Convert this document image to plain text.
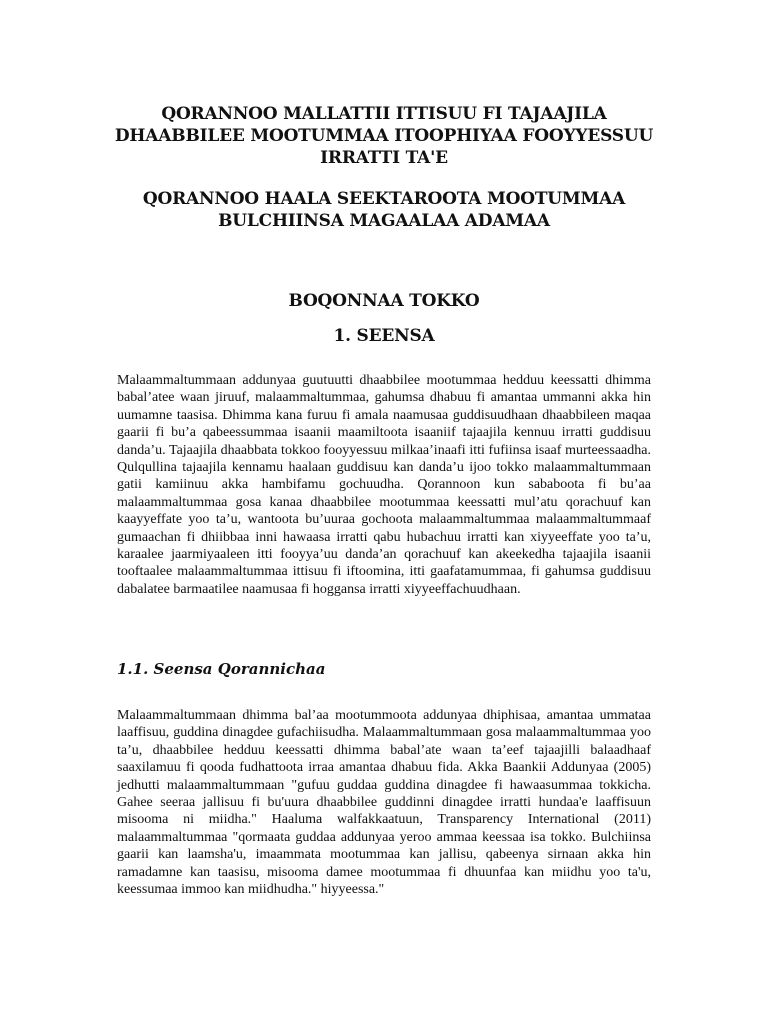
QORANNOO MALLATTII ITTISUU FI TAJAAJILA DHAABBILEE MOOTUMMAA ITOOPHIYAA FOOYYESSUU IRRATTI TA'E
QORANNOO HAALA SEEKTAROOTA MOOTUMMAA BULCHIINSA MAGAALAA ADAMAA
BOQONNAA TOKKO
1. SEENSA

Malaammaltummaan addunyaa guutuutti dhaabbilee mootummaa hedduu keessatti dhimma babal’atee waan jiruuf, malaammaltummaa, gahumsa dhabuu fi amantaa ummanni akka hin uumamne taasisa. Dhimma kana furuu fi amala naamusaa guddisuudhaan dhaabbileen maqaa gaarii fi bu’a qabeessummaa isaanii maamiltoota isaaniif tajaajila kennuu irratti guddisuu danda’u. Tajaajila dhaabbata tokkoo fooyyessuu milkaa’inaafi itti fufiinsa isaaf murteessaadha. Qulqullina tajaajila kennamu haalaan guddisuu kan danda’u ijoo tokko malaammaltummaan gatii kamiinuu akka hambifamu gochuudha. Qorannoon kun sababoota fi bu’aa malaammaltummaa gosa kanaa dhaabbilee mootummaa keessatti mul’atu qorachuuf kan kaayyeffate yoo ta’u, wantoota bu’uuraa gochoota malaammaltummaa malaammaltummaaf gumaachan fi dhiibbaa inni hawaasa irratti qabu hubachuu irratti kan xiyyeeffate yoo ta’u, karaalee jaarmiyaaleen itti fooyya’uu danda’an qorachuuf kan akeekedha tajaajila isaanii tooftaalee malaammaltummaa ittisuu fi iftoomina, itti gaafatamummaa, fi gahumsa guddisuu dabalatee barmaatilee naamusaa fi hoggansa irratti xiyyeeffachuudhaan.

1.1. Seensa Qorannichaa

Malaammaltummaan dhimma bal’aa mootummoota addunyaa dhiphisaa, amantaa ummataa laaffisuu, guddina dinagdee gufachiisudha. Malaammaltummaan gosa malaammaltummaa yoo ta’u, dhaabbilee hedduu keessatti dhimma babal’ate waan ta’eef tajaajilli balaadhaaf saaxilamuu fi qooda fudhattoota irraa amantaa dhabuu fida. Akka Baankii Addunyaa (2005) jedhutti malaammaltummaan "gufuu guddaa guddina dinagdee fi hawaasummaa tokkicha. Gahee seeraa jallisuu fi bu'uura dhaabbilee guddinni dinagdee irratti hundaa'e laaffisuun misooma ni miidha." Haaluma walfakkaatuun, Transparency International (2011) malaammaltummaa "qormaata guddaa addunyaa yeroo ammaa keessaa isa tokko. Bulchiinsa gaarii kan laamsha'u, imaammata mootummaa kan jallisu, qabeenya sirnaan akka hin ramadamne kan taasisu, misooma damee mootummaa fi dhuunfaa kan miidhu yoo ta'u, keessumaa immoo kan miidhudha." hiyyeessa."
